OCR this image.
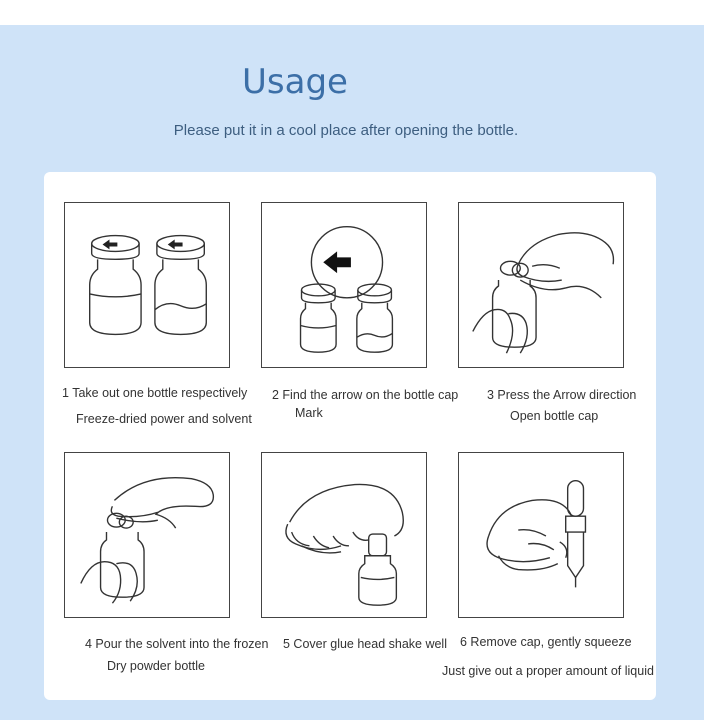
Usage
Please put it in a cool place after opening the bottle.
1 Take out one bottle respectively
Freeze-dried power and solvent
2 Find the arrow on the bottle cap
Mark
3 Press the Arrow direction
Open bottle cap
4 Pour the solvent into the frozen
Dry powder bottle
5 Cover glue head shake well 6 Remove cap, gently squeeze
Just give out a proper amount of liquid
